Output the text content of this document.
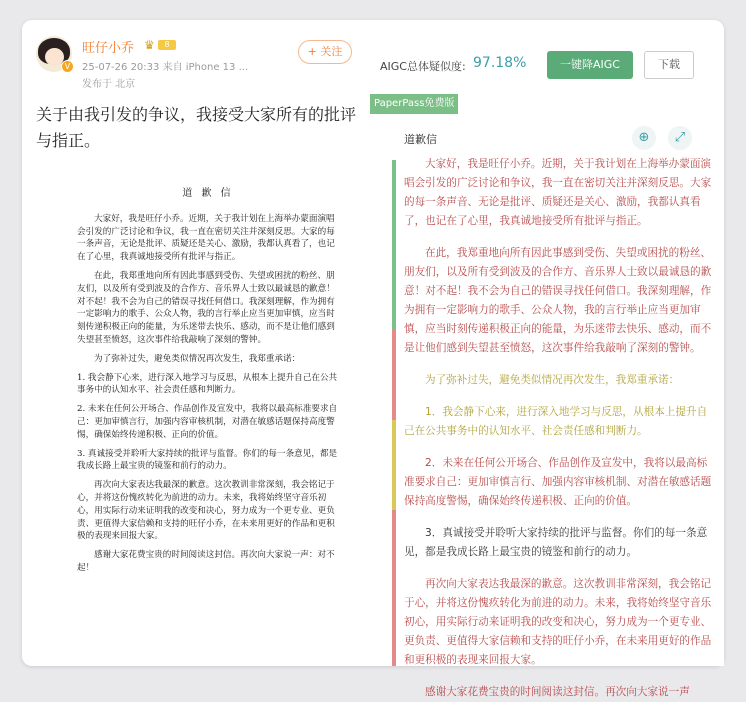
V
旺仔小乔 ♛	8
25-07-26 20:33 来自 iPhone 13 ...
发布于 北京
+ 关注
关于由我引发的争议，我接受大家所有的批评与指正。
道 歉 信

大家好，我是旺仔小乔。近期，关于我计划在上海举办蒙面演唱会引发的广泛讨论和争议，我一直在密切关注并深刻反思。大家的每一条声音，无论是批评、质疑还是关心、激励，我都认真看了，也记在了心里，我真诚地接受所有批评与指正。

在此，我郑重地向所有因此事感到受伤、失望或困扰的粉丝、朋友们，以及所有受到波及的合作方、音乐界人士致以最诚恳的歉意！对不起！我不会为自己的错误寻找任何借口。我深刻理解，作为拥有一定影响力的歌手、公众人物，我的言行举止应当更加审慎，应当时刻传递积极正向的能量，为乐迷带去快乐、感动，而不是让他们感到失望甚至愤怒，这次事件给我敲响了深刻的警钟。

为了弥补过失，避免类似情况再次发生，我郑重承诺：

1. 我会静下心来，进行深入地学习与反思，从根本上提升自己在公共事务中的认知水平、社会责任感和判断力。

2. 未来在任何公开场合、作品创作及宣发中，我将以最高标准要求自己：更加审慎言行，加强内容审核机制，对潜在敏感话题保持高度警惕，确保始终传递积极、正向的价值。

3. 真诚接受并聆听大家持续的批评与监督。你们的每一条意见，都是我成长路上最宝贵的镜鉴和前行的动力。

再次向大家表达我最深的歉意。这次教训非常深刻，我会铭记于心，并将这份愧疚转化为前进的动力。未来，我将始终坚守音乐初心，用实际行动来证明我的改变和决心，努力成为一个更专业、更负责、更值得大家信赖和支持的旺仔小乔，在未来用更好的作品和更积极的表现来回报大家。

感谢大家花费宝贵的时间阅读这封信。再次向大家说一声：对不起！

AIGC总体疑似度: 97.18%	一键降AIGC	下载
PaperPass免费版
⊕	⤢
道歉信

大家好，我是旺仔小乔。近期，关于我计划在上海举办蒙面演唱会引发的广泛讨论和争议，我一直在密切关注并深刻反思。大家的每一条声音、无论是批评、质疑还是关心、激励，我都认真看了，也记在了心里，我真诚地接受所有批评与指正。

在此，我郑重地向所有因此事感到受伤、失望或困扰的粉丝、朋友们，以及所有受到波及的合作方、音乐界人士致以最诚恳的歉意！对不起！我不会为自己的错误寻找任何借口。我深刻理解，作为拥有一定影响力的歌手、公众人物，我的言行举止应当更加审慎，应当时刻传递积极正向的能量，为乐迷带去快乐、感动，而不是让他们感到失望甚至愤怒，这次事件给我敲响了深刻的警钟。

为了弥补过失，避免类似情况再次发生，我郑重承诺：

1．我会静下心来，进行深入地学习与反思，从根本上提升自己在公共事务中的认知水平、社会责任感和判断力。

2．未来在任何公开场合、作品创作及宣发中，我将以最高标准要求自己：更加审慎言行、加强内容审核机制、对潜在敏感话题保持高度警惕，确保始终传递积极、正向的价值。

3．真诚接受并聆听大家持续的批评与监督。你们的每一条意见，都是我成长路上最宝贵的镜鉴和前行的动力。

再次向大家表达我最深的歉意。这次教训非常深刻，我会铭记于心，并将这份愧疚转化为前进的动力。未来，我将始终坚守音乐初心，用实际行动来证明我的改变和决心，努力成为一个更专业、更负责、更值得大家信赖和支持的旺仔小乔，在未来用更好的作品和更积极的表现来回报大家。

感谢大家花费宝贵的时间阅读这封信。再次向大家说一声
